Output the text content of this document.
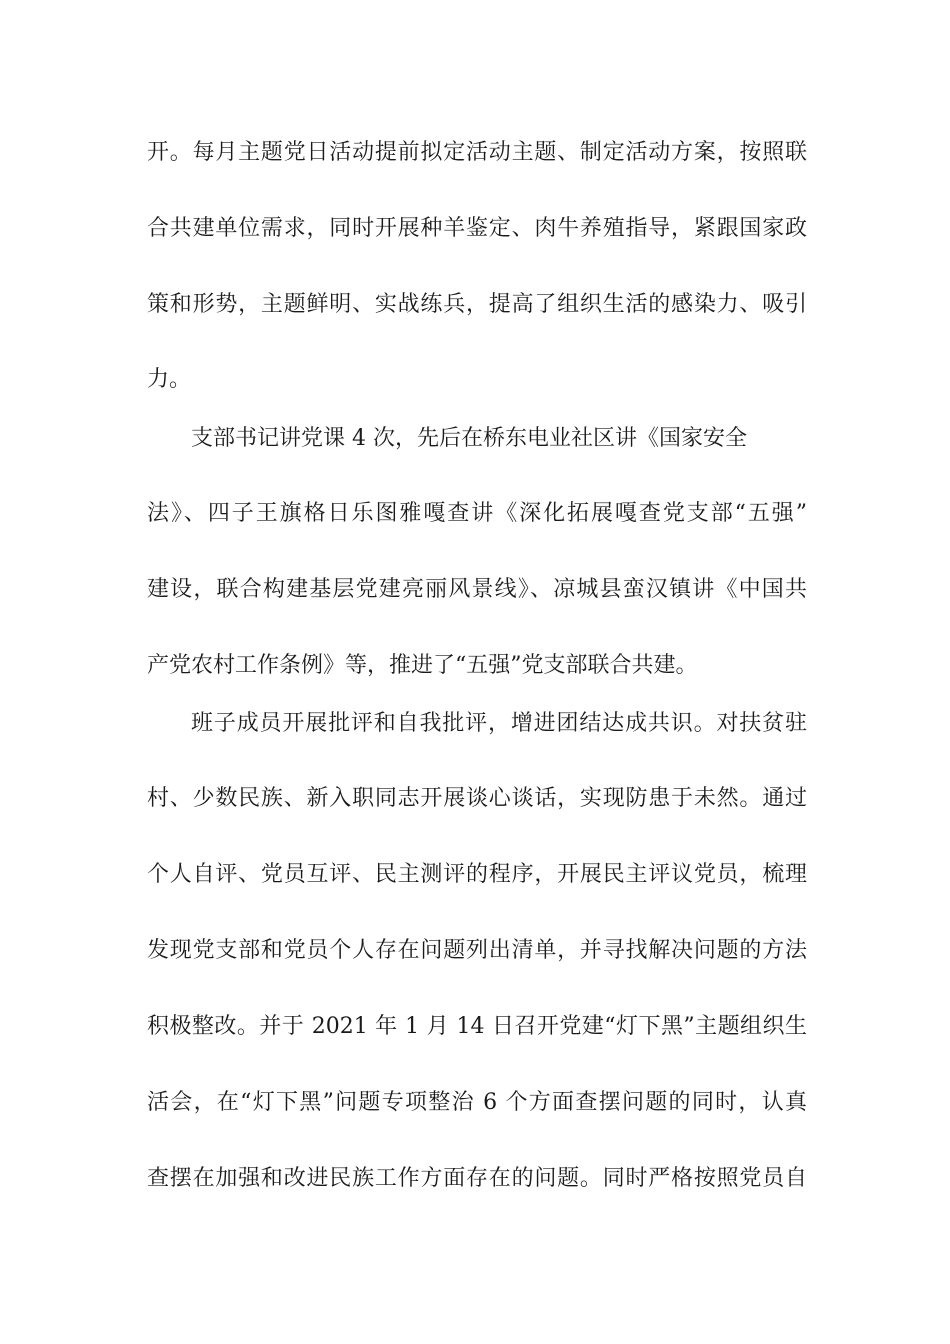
开。每月主题党日活动提前拟定活动主题、制定活动方案，按照联

合共建单位需求，同时开展种羊鉴定、肉牛养殖指导，紧跟国家政

策和形势，主题鲜明、实战练兵，提高了组织生活的感染力、吸引

力。

支部书记讲党课 4 次，先后在桥东电业社区讲《国家安全

法》、四子王旗格日乐图雅嘎查讲《深化拓展嘎查党支部“五强”

建设，联合构建基层党建亮丽风景线》、凉城县蛮汉镇讲《中国共

产党农村工作条例》等，推进了“五强”党支部联合共建。

班子成员开展批评和自我批评，增进团结达成共识。对扶贫驻

村、少数民族、新入职同志开展谈心谈话，实现防患于未然。通过

个人自评、党员互评、民主测评的程序，开展民主评议党员，梳理

发现党支部和党员个人存在问题列出清单，并寻找解决问题的方法

积极整改。并于 2021 年 1 月 14 日召开党建“灯下黑”主题组织生

活会，在“灯下黑”问题专项整治 6 个方面查摆问题的同时，认真

查摆在加强和改进民族工作方面存在的问题。同时严格按照党员自
